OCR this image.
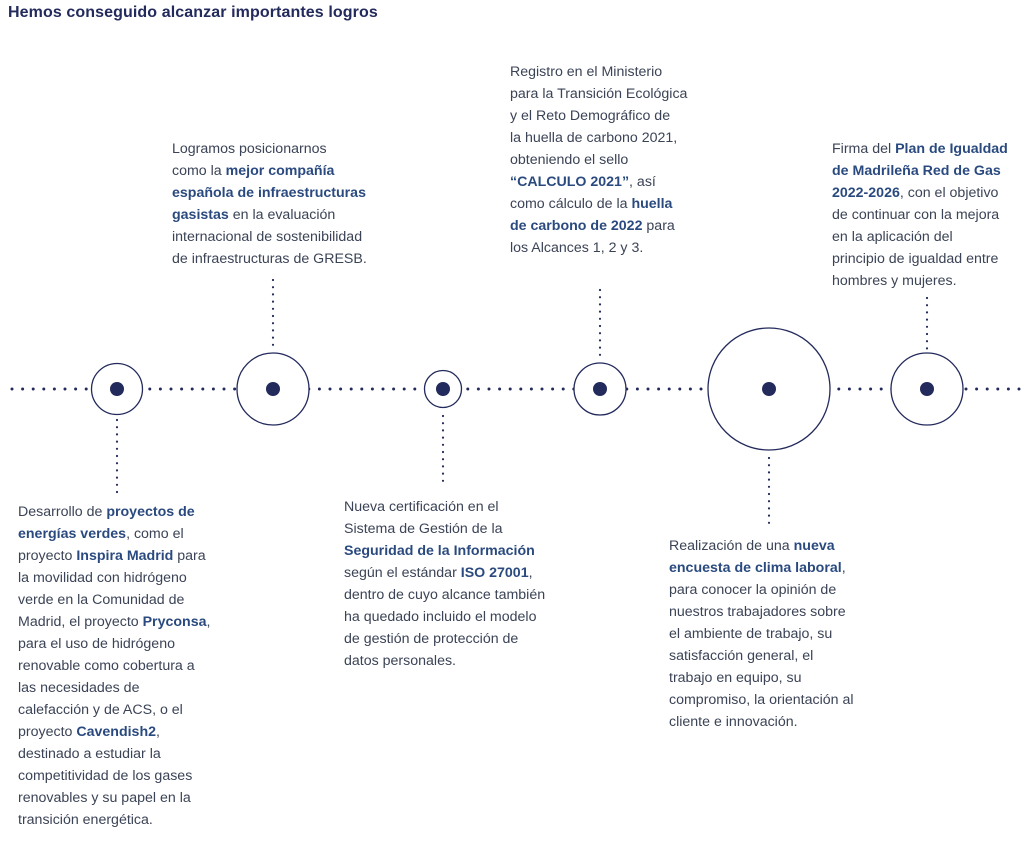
Hemos conseguido alcanzar importantes logros
Logramos posicionarnos
como la mejor compañía
española de infraestructuras
gasistas en la evaluación
internacional de sostenibilidad
de infraestructuras de GRESB.
Registro en el Ministerio
para la Transición Ecológica
y el Reto Demográfico de
la huella de carbono 2021,
obteniendo el sello
“CALCULO 2021”, así
como cálculo de la huella
de carbono de 2022 para
los Alcances 1, 2 y 3.
Firma del Plan de Igualdad
de Madrileña Red de Gas
2022-2026, con el objetivo
de continuar con la mejora
en la aplicación del
principio de igualdad entre
hombres y mujeres.
Desarrollo de proyectos de
energías verdes, como el
proyecto Inspira Madrid para
la movilidad con hidrógeno
verde en la Comunidad de
Madrid, el proyecto Pryconsa,
para el uso de hidrógeno
renovable como cobertura a
las necesidades de
calefacción y de ACS, o el
proyecto Cavendish2,
destinado a estudiar la
competitividad de los gases
renovables y su papel en la
transición energética.
Nueva certificación en el
Sistema de Gestión de la
Seguridad de la Información
según el estándar ISO 27001,
dentro de cuyo alcance también
ha quedado incluido el modelo
de gestión de protección de
datos personales.
Realización de una nueva
encuesta de clima laboral,
para conocer la opinión de
nuestros trabajadores sobre
el ambiente de trabajo, su
satisfacción general, el
trabajo en equipo, su
compromiso, la orientación al
cliente e innovación.
